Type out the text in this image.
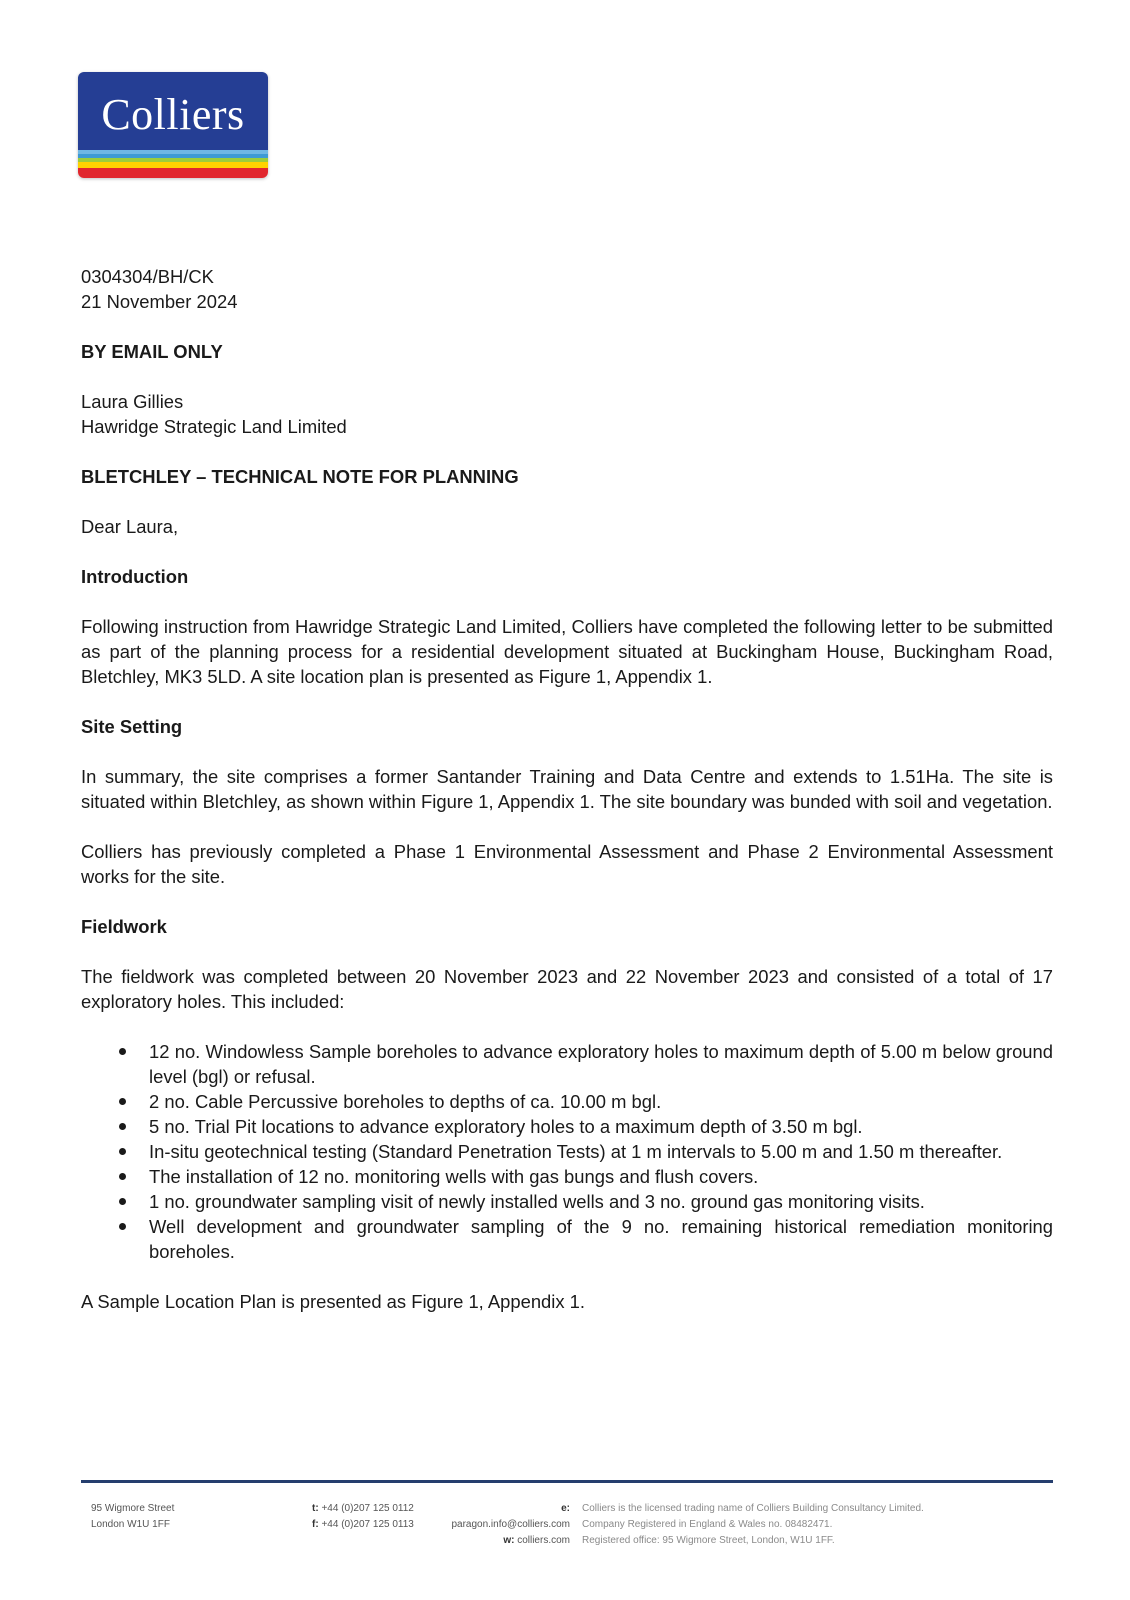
Colliers

0304304/BH/CK

21 November 2024

BY EMAIL ONLY

Laura Gillies

Hawridge Strategic Land Limited

BLETCHLEY – TECHNICAL NOTE FOR PLANNING

Dear Laura,

Introduction

Following instruction from Hawridge Strategic Land Limited, Colliers have completed the following letter to be submitted as part of the planning process for a residential development situated at Buckingham House, Buckingham Road, Bletchley, MK3 5LD. A site location plan is presented as Figure 1, Appendix 1.

Site Setting

In summary, the site comprises a former Santander Training and Data Centre and extends to 1.51Ha. The site is situated within Bletchley, as shown within Figure 1, Appendix 1. The site boundary was bunded with soil and vegetation.

Colliers has previously completed a Phase 1 Environmental Assessment and Phase 2 Environmental Assessment works for the site.

Fieldwork

The fieldwork was completed between 20 November 2023 and 22 November 2023 and consisted of a total of 17 exploratory holes. This included:

12 no. Windowless Sample boreholes to advance exploratory holes to maximum depth of 5.00 m below ground level (bgl) or refusal.
2 no. Cable Percussive boreholes to depths of ca. 10.00 m bgl.
5 no. Trial Pit locations to advance exploratory holes to a maximum depth of 3.50 m bgl.
In-situ geotechnical testing (Standard Penetration Tests) at 1 m intervals to 5.00 m and 1.50 m thereafter.
The installation of 12 no. monitoring wells with gas bungs and flush covers.
1 no. groundwater sampling visit of newly installed wells and 3 no. ground gas monitoring visits.
Well development and groundwater sampling of the 9 no. remaining historical remediation monitoring boreholes.

A Sample Location Plan is presented as Figure 1, Appendix 1.

95 Wigmore Street
London W1U 1FF
t: +44 (0)207 125 0112
f: +44 (0)207 125 0113
e: paragon.info@colliers.com
w: colliers.com
Colliers is the licensed trading name of Colliers Building Consultancy Limited.
Company Registered in England & Wales no. 08482471.
Registered office: 95 Wigmore Street, London, W1U 1FF.
